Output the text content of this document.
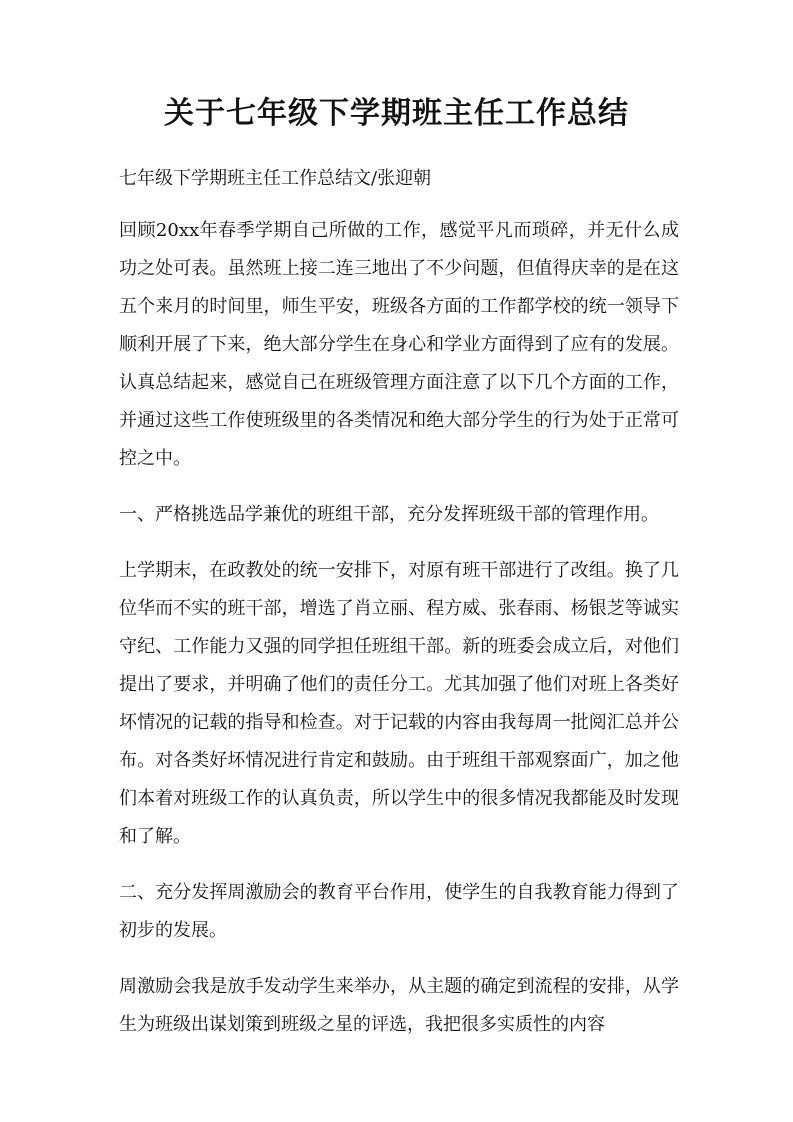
关于七年级下学期班主任工作总结

七年级下学期班主任工作总结文/张迎朝

回顾20xx年春季学期自己所做的工作，感觉平凡而琐碎，并无什么成功之处可表。虽然班上接二连三地出了不少问题，但值得庆幸的是在这五个来月的时间里，师生平安，班级各方面的工作都学校的统一领导下顺利开展了下来，绝大部分学生在身心和学业方面得到了应有的发展。认真总结起来，感觉自己在班级管理方面注意了以下几个方面的工作，并通过这些工作使班级里的各类情况和绝大部分学生的行为处于正常可控之中。

一、严格挑选品学兼优的班组干部，充分发挥班级干部的管理作用。

上学期末，在政教处的统一安排下，对原有班干部进行了改组。换了几位华而不实的班干部，增选了肖立丽、程方威、张春雨、杨银芝等诚实守纪、工作能力又强的同学担任班组干部。新的班委会成立后，对他们提出了要求，并明确了他们的责任分工。尤其加强了他们对班上各类好坏情况的记载的指导和检查。对于记载的内容由我每周一批阅汇总并公布。对各类好坏情况进行肯定和鼓励。由于班组干部观察面广，加之他们本着对班级工作的认真负责，所以学生中的很多情况我都能及时发现和了解。

二、充分发挥周激励会的教育平台作用，使学生的自我教育能力得到了初步的发展。

周激励会我是放手发动学生来举办，从主题的确定到流程的安排，从学生为班级出谋划策到班级之星的评选，我把很多实质性的内容
